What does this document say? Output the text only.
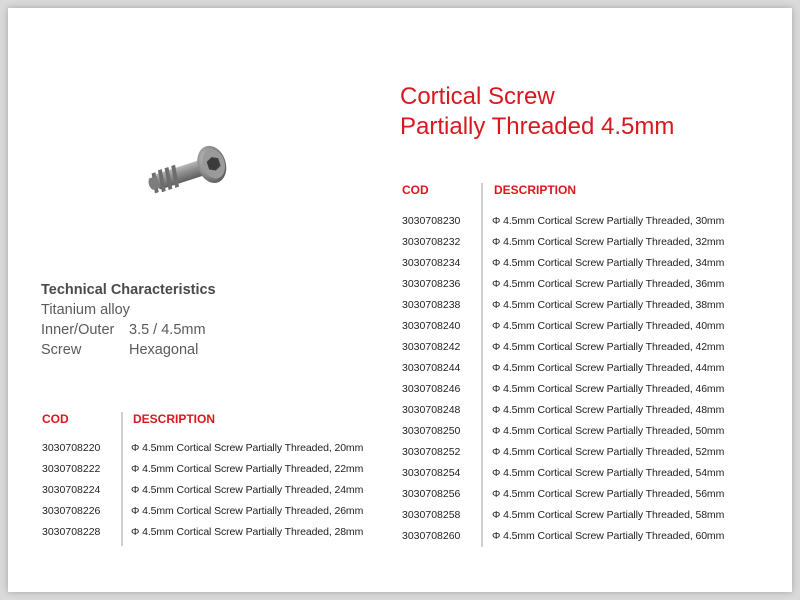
Cortical Screw
Partially Threaded 4.5mm
Technical Characteristics
Titanium alloy
Inner/Outer 3.5 / 4.5mm
Screw	Hexagonal
COD	DESCRIPTION
3030708220	Φ 4.5mm Cortical Screw Partially Threaded, 20mm
3030708222	Φ 4.5mm Cortical Screw Partially Threaded, 22mm
3030708224	Φ 4.5mm Cortical Screw Partially Threaded, 24mm
3030708226	Φ 4.5mm Cortical Screw Partially Threaded, 26mm
3030708228	Φ 4.5mm Cortical Screw Partially Threaded, 28mm
COD	DESCRIPTION
3030708230	Φ 4.5mm Cortical Screw Partially Threaded, 30mm
3030708232	Φ 4.5mm Cortical Screw Partially Threaded, 32mm
3030708234	Φ 4.5mm Cortical Screw Partially Threaded, 34mm
3030708236	Φ 4.5mm Cortical Screw Partially Threaded, 36mm
3030708238	Φ 4.5mm Cortical Screw Partially Threaded, 38mm
3030708240	Φ 4.5mm Cortical Screw Partially Threaded, 40mm
3030708242	Φ 4.5mm Cortical Screw Partially Threaded, 42mm
3030708244	Φ 4.5mm Cortical Screw Partially Threaded, 44mm
3030708246	Φ 4.5mm Cortical Screw Partially Threaded, 46mm
3030708248	Φ 4.5mm Cortical Screw Partially Threaded, 48mm
3030708250	Φ 4.5mm Cortical Screw Partially Threaded, 50mm
3030708252	Φ 4.5mm Cortical Screw Partially Threaded, 52mm
3030708254	Φ 4.5mm Cortical Screw Partially Threaded, 54mm
3030708256	Φ 4.5mm Cortical Screw Partially Threaded, 56mm
3030708258	Φ 4.5mm Cortical Screw Partially Threaded, 58mm
3030708260	Φ 4.5mm Cortical Screw Partially Threaded, 60mm
